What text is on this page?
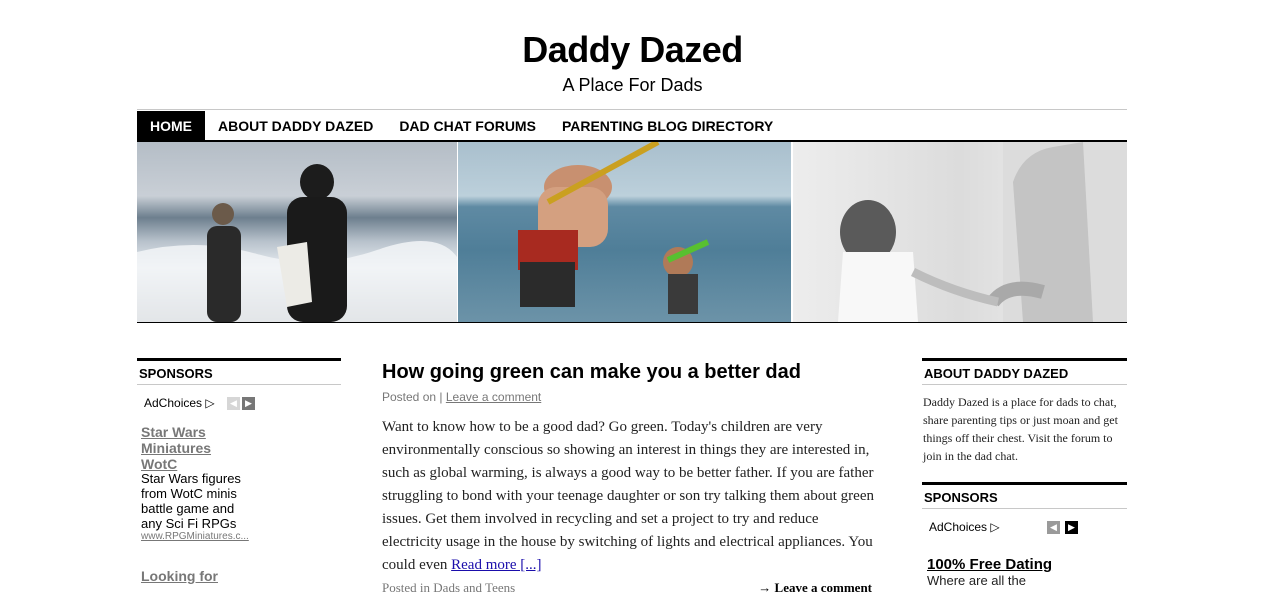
Daddy Dazed
A Place For Dads
HOME	ABOUT DADDY DAZED	DAD CHAT FORUMS	PARENTING BLOG DIRECTORY
SPONSORS
AdChoices ▷	◀ ▶
Star Wars
Miniatures
WotC
Star Wars figures
from WotC minis
battle game and
any Sci Fi RPGs
www.RPGMiniatures.c...
Looking for
How going green can make you a better dad
Posted on | Leave a comment
Want to know how to be a good dad? Go green. Today's children are very environmentally conscious so showing an interest in things they are interested in, such as global warming, is always a good way to be better father. If you are father struggling to bond with your teenage daughter or son try talking them about green issues. Get them involved in recycling and set a project to try and reduce electricity usage in the house by switching of lights and electrical appliances. You could even Read more [...]
Posted in Dads and Teens	→ Leave a comment
ABOUT DADDY DAZED
Daddy Dazed is a place for dads to chat, share parenting tips or just moan and get things off their chest. Visit the forum to join in the dad chat.
SPONSORS
AdChoices ▷	◀	▶
100% Free Dating
Where are all the
